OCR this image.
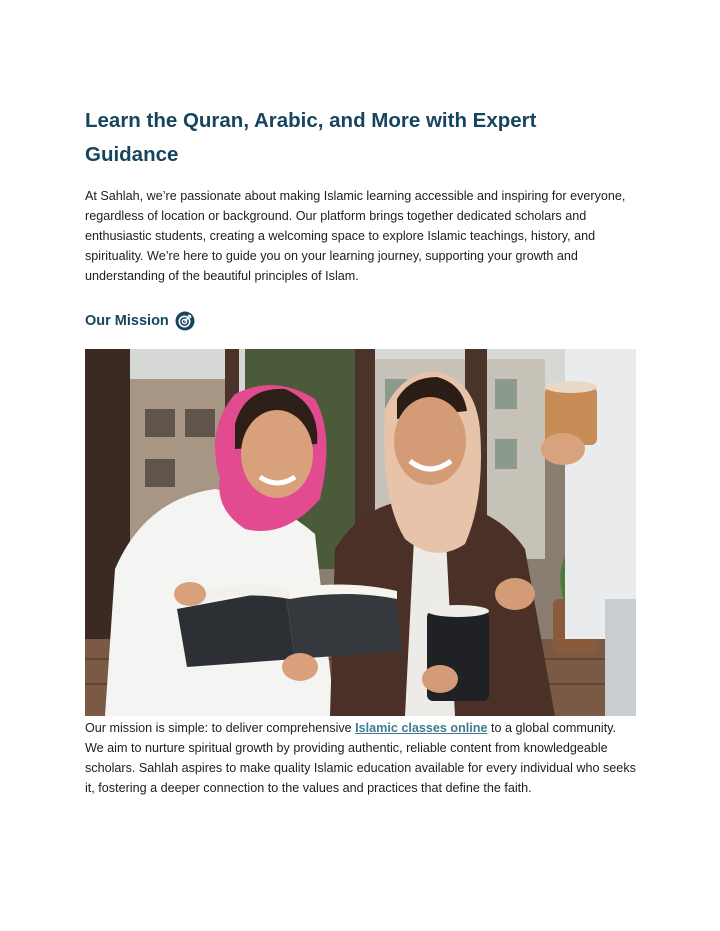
Learn the Quran, Arabic, and More with Expert Guidance

At Sahlah, we’re passionate about making Islamic learning accessible and inspiring for everyone, regardless of location or background. Our platform brings together dedicated scholars and enthusiastic students, creating a welcoming space to explore Islamic teachings, history, and spirituality. We’re here to guide you on your learning journey, supporting your growth and understanding of the beautiful principles of Islam.

Our Mission

Our mission is simple: to deliver comprehensive Islamic classes online to a global community. We aim to nurture spiritual growth by providing authentic, reliable content from knowledgeable scholars. Sahlah aspires to make quality Islamic education available for every individual who seeks it, fostering a deeper connection to the values and practices that define the faith.
